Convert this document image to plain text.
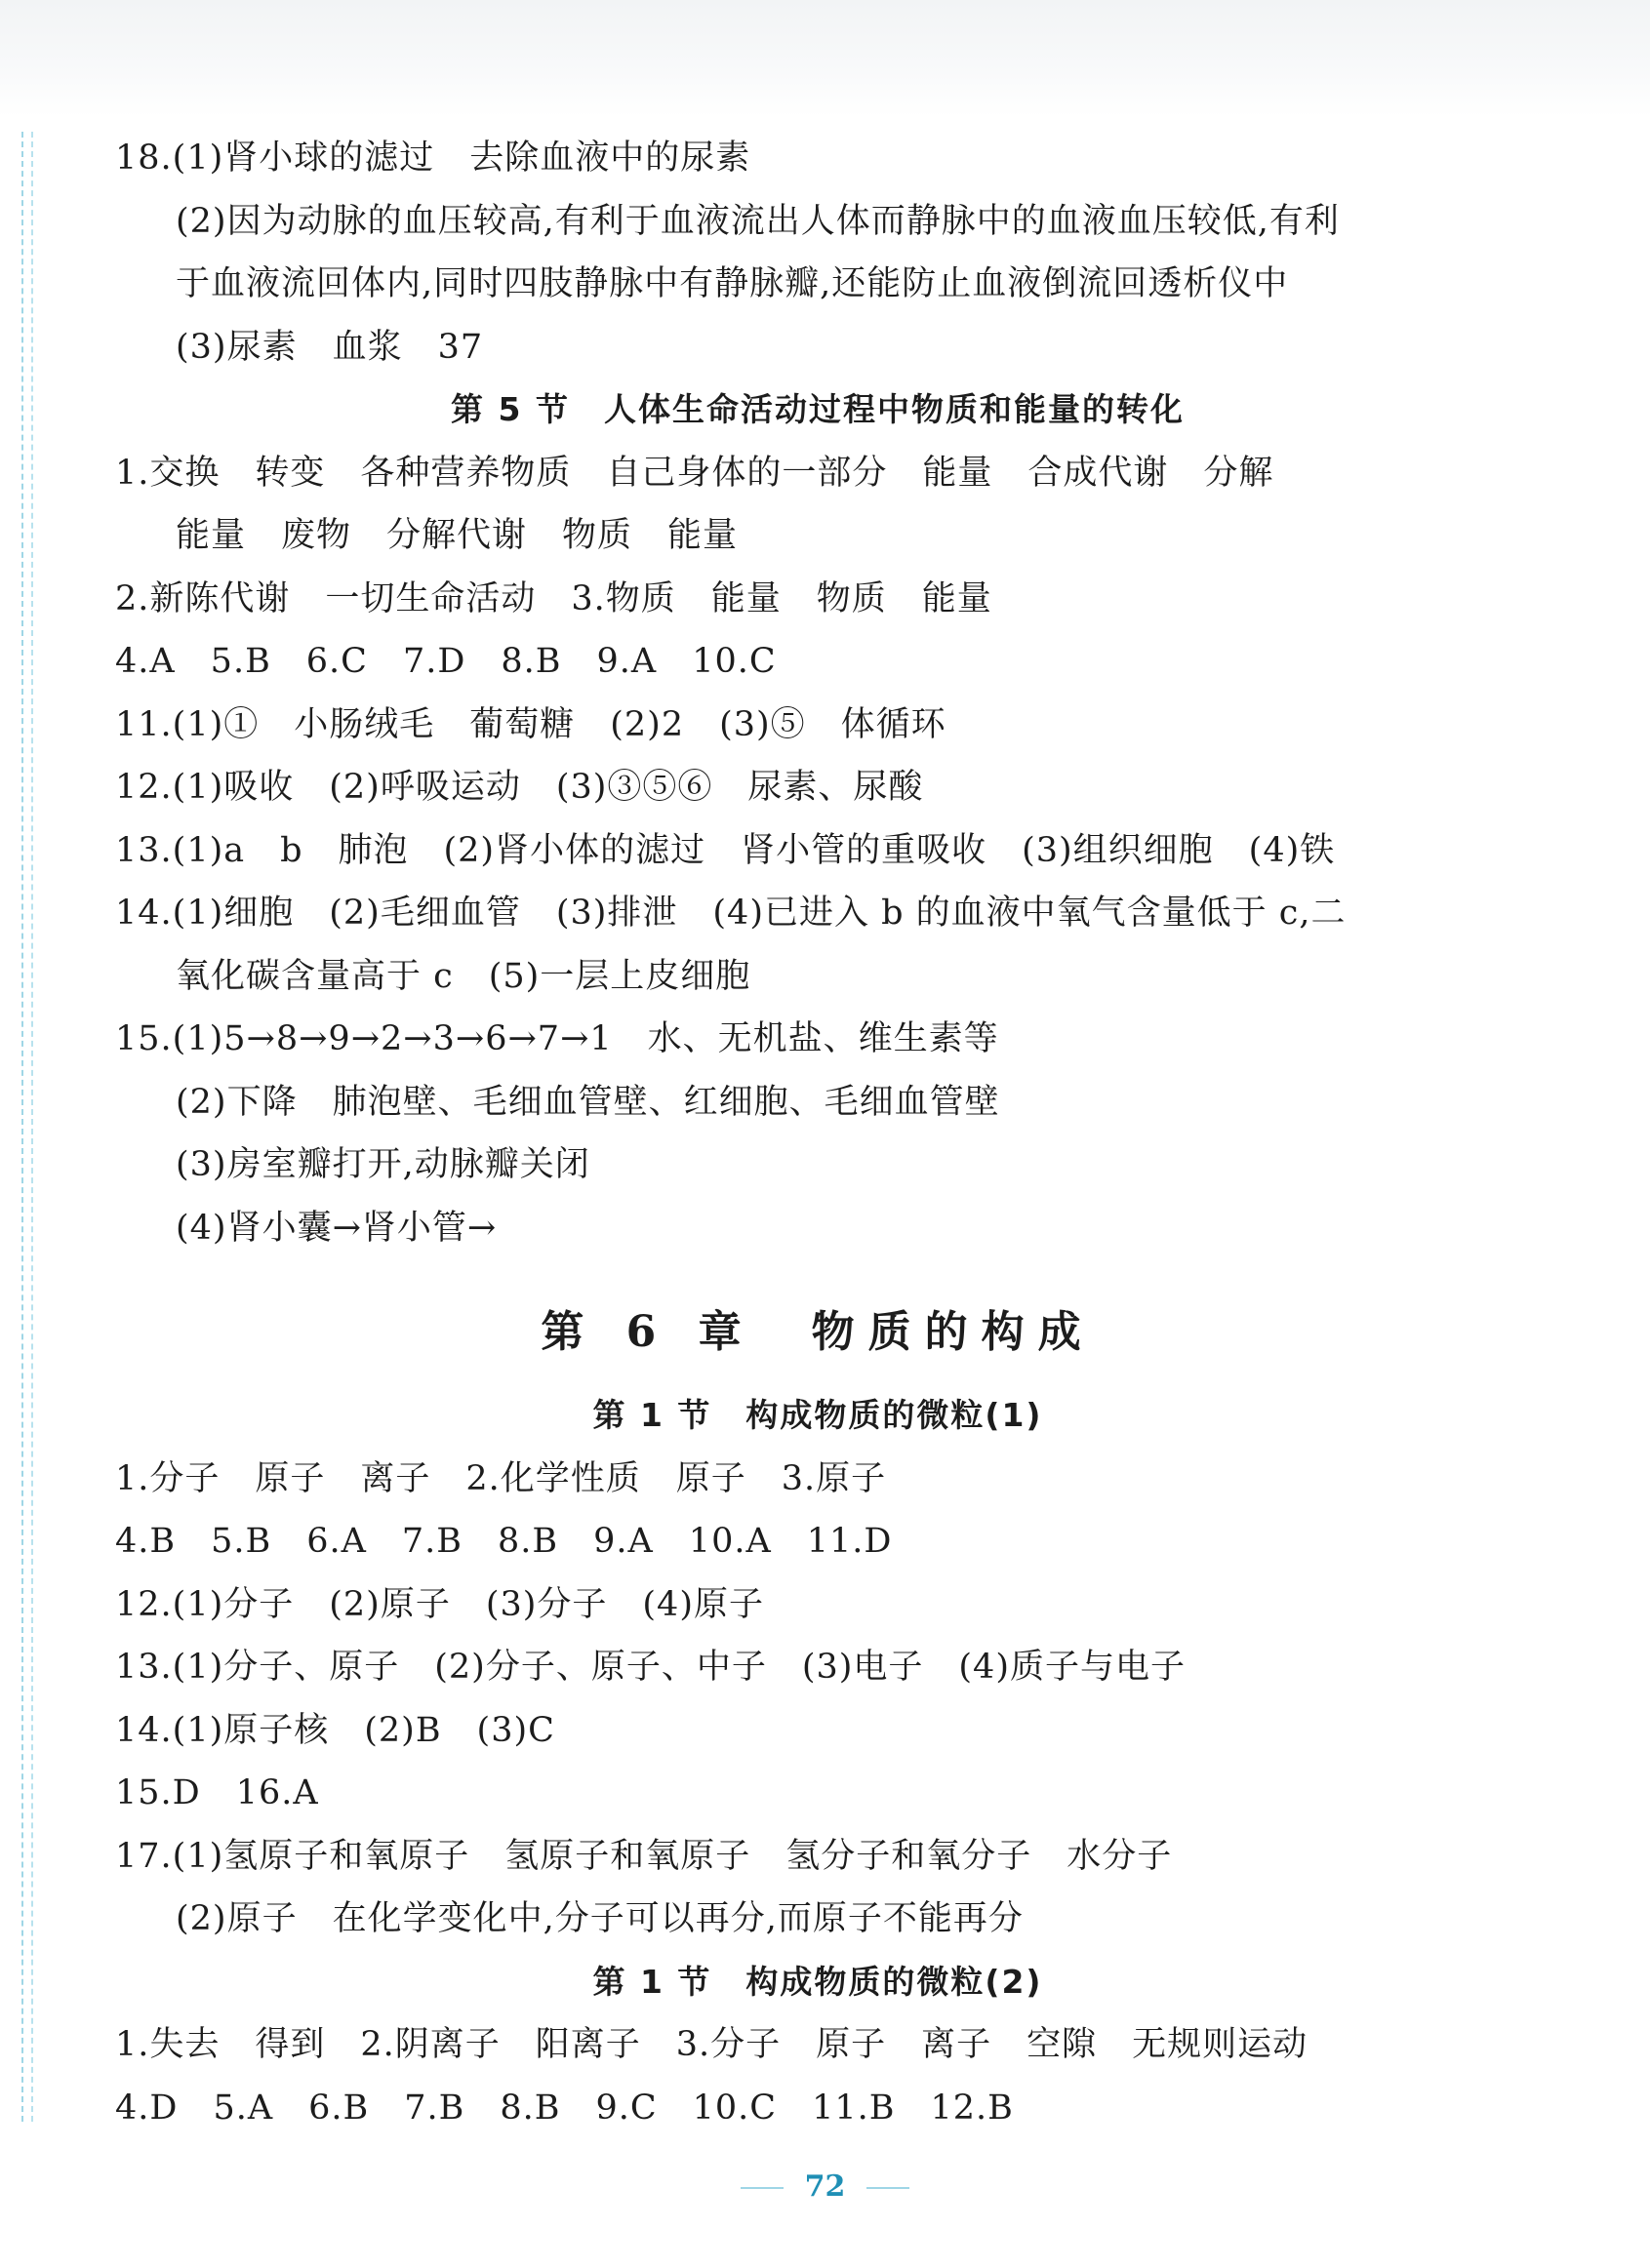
18.(1)肾小球的滤过　去除血液中的尿素
(2)因为动脉的血压较高,有利于血液流出人体而静脉中的血液血压较低,有利
于血液流回体内,同时四肢静脉中有静脉瓣,还能防止血液倒流回透析仪中
(3)尿素　血浆　37
第 5 节　人体生命活动过程中物质和能量的转化
1.交换　转变　各种营养物质　自己身体的一部分　能量　合成代谢　分解
能量　废物　分解代谢　物质　能量
2.新陈代谢　一切生命活动　3.物质　能量　物质　能量
4.A　5.B　6.C　7.D　8.B　9.A　10.C
11.(1)①　小肠绒毛　葡萄糖　(2)2　(3)⑤　体循环
12.(1)吸收　(2)呼吸运动　(3)③⑤⑥　尿素、尿酸
13.(1)a　b　肺泡　(2)肾小体的滤过　肾小管的重吸收　(3)组织细胞　(4)铁
14.(1)细胞　(2)毛细血管　(3)排泄　(4)已进入 b 的血液中氧气含量低于 c,二
氧化碳含量高于 c　(5)一层上皮细胞
15.(1)5→8→9→2→3→6→7→1　水、无机盐、维生素等
(2)下降　肺泡壁、毛细血管壁、红细胞、毛细血管壁
(3)房室瓣打开,动脉瓣关闭
(4)肾小囊→肾小管→
第 6 章　物质的构成
第 1 节　构成物质的微粒(1)
1.分子　原子　离子　2.化学性质　原子　3.原子
4.B　5.B　6.A　7.B　8.B　9.A　10.A　11.D
12.(1)分子　(2)原子　(3)分子　(4)原子
13.(1)分子、原子　(2)分子、原子、中子　(3)电子　(4)质子与电子
14.(1)原子核　(2)B　(3)C
15.D　16.A
17.(1)氢原子和氧原子　氢原子和氧原子　氢分子和氧分子　水分子
(2)原子　在化学变化中,分子可以再分,而原子不能再分
第 1 节　构成物质的微粒(2)
1.失去　得到　2.阴离子　阳离子　3.分子　原子　离子　空隙　无规则运动
4.D　5.A　6.B　7.B　8.B　9.C　10.C　11.B　12.B
72
